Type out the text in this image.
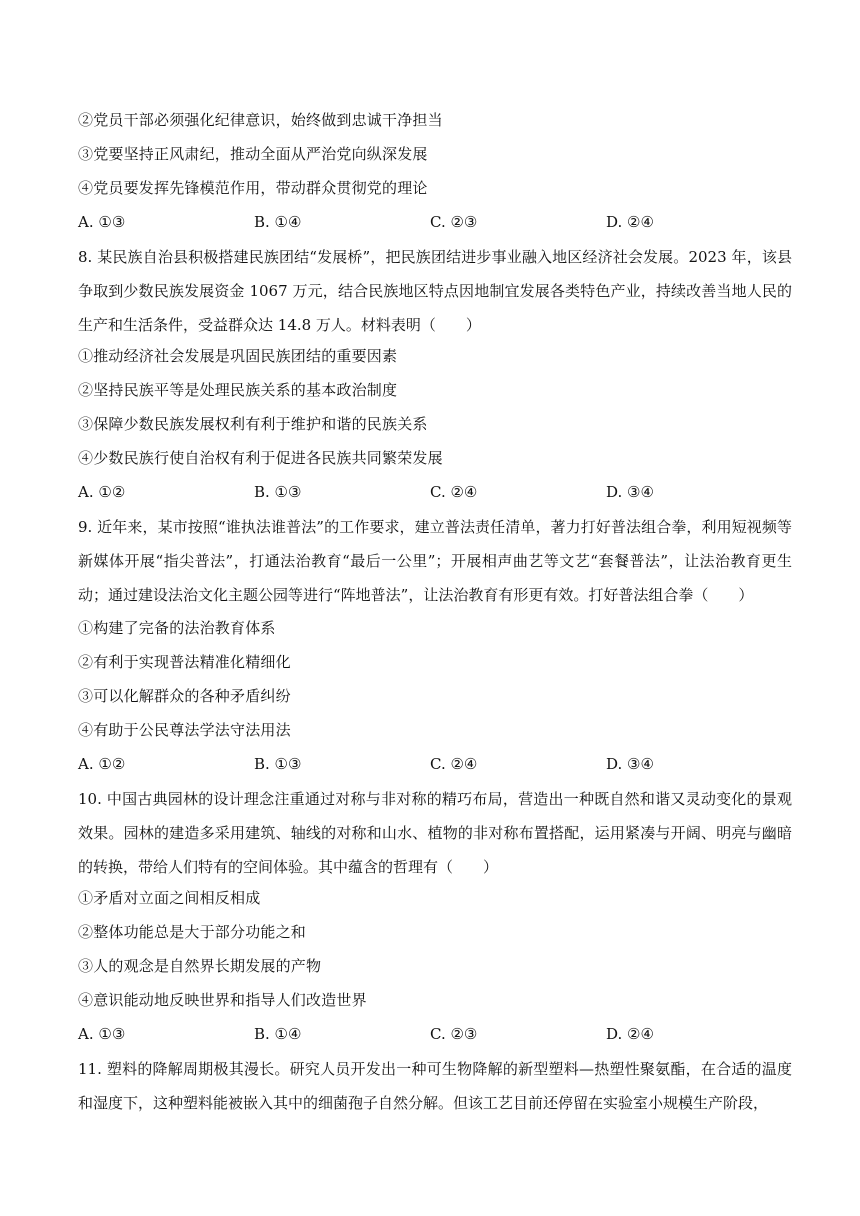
②党员干部必须强化纪律意识，始终做到忠诚干净担当
③党要坚持正风肃纪，推动全面从严治党向纵深发展
④党员要发挥先锋模范作用，带动群众贯彻党的理论
A. ①③	B. ①④	C. ②③	D. ②④
8. 某民族自治县积极搭建民族团结“发展桥”，把民族团结进步事业融入地区经济社会发展。2023 年，该县争取到少数民族发展资金 1067 万元，结合民族地区特点因地制宜发展各类特色产业，持续改善当地人民的生产和生活条件，受益群众达 14.8 万人。材料表明（　　）
①推动经济社会发展是巩固民族团结的重要因素
②坚持民族平等是处理民族关系的基本政治制度
③保障少数民族发展权利有利于维护和谐的民族关系
④少数民族行使自治权有利于促进各民族共同繁荣发展
A. ①②	B. ①③	C. ②④	D. ③④
9. 近年来，某市按照“谁执法谁普法”的工作要求，建立普法责任清单，著力打好普法组合拳，利用短视频等新媒体开展“指尖普法”，打通法治教育“最后一公里”；开展相声曲艺等文艺“套餐普法”，让法治教育更生动；通过建设法治文化主题公园等进行“阵地普法”，让法治教育有形更有效。打好普法组合拳（　　）
①构建了完备的法治教育体系
②有利于实现普法精准化精细化
③可以化解群众的各种矛盾纠纷
④有助于公民尊法学法守法用法
A. ①②	B. ①③	C. ②④	D. ③④
10. 中国古典园林的设计理念注重通过对称与非对称的精巧布局，营造出一种既自然和谐又灵动变化的景观效果。园林的建造多采用建筑、轴线的对称和山水、植物的非对称布置搭配，运用紧凑与开阔、明亮与幽暗的转换，带给人们特有的空间体验。其中蕴含的哲理有（　　）
①矛盾对立面之间相反相成
②整体功能总是大于部分功能之和
③人的观念是自然界长期发展的产物
④意识能动地反映世界和指导人们改造世界
A. ①③	B. ①④	C. ②③	D. ②④
11. 塑料的降解周期极其漫长。研究人员开发出一种可生物降解的新型塑料—热塑性聚氨酯，在合适的温度和湿度下，这种塑料能被嵌入其中的细菌孢子自然分解。但该工艺目前还停留在实验室小规模生产阶段，
